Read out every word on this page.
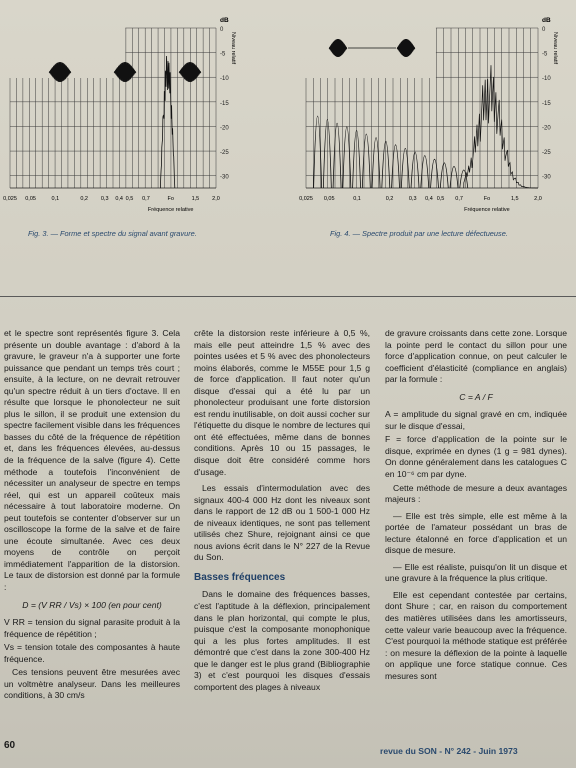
0
-5
-10
-15
-20
-25
-30
dB
Niveau relatif
0,025 0,05	0,1	0,2 0,3 0,4 0,5 0,7	Fo	1,5 2,0
Fréquence relative
Fig. 3. — Forme et spectre du signal avant gravure.
0
-5
-10
-15
-20
-25
-30
dB
Niveau relatif
0,025 0,05	0,1	0,2	0,3 0,4 0,5 0,7	Fo	1,5	2,0
Fréquence relative
Fig. 4. — Spectre produit par une lecture défectueuse.

et le spectre sont représentés figure 3. Cela présente un double avantage : d'abord à la gravure, le graveur n'a à supporter une forte puissance que pendant un temps très court ; ensuite, à la lecture, on ne devrait retrouver qu'un spectre réduit à un tiers d'octave. Il en résulte que lorsque le phonolecteur ne suit plus le sillon, il se produit une extension du spectre facilement visible dans les fréquences basses du côté de la fréquence de répétition et, dans les fréquences élevées, au-dessus de la fréquence de la salve (figure 4). Cette méthode a toutefois l'inconvénient de nécessiter un analyseur de spectre en temps réel, qui est un appareil coûteux mais nécessaire à tout laboratoire moderne. On peut toutefois se contenter d'observer sur un oscilloscope la forme de la salve et de faire une écoute simultanée. Avec ces deux moyens de contrôle on perçoit immédiatement l'apparition de la distorsion. Le taux de distorsion est donné par la formule :

D = (V RR / Vs) × 100 (en pour cent)
V RR = tension du signal parasite produit à la fréquence de répétition ;
Vs = tension totale des composantes à haute fréquence.

Ces tensions peuvent être mesurées avec un voltmètre analyseur. Dans les meilleures conditions, à 30 cm/s

crête la distorsion reste inférieure à 0,5 %, mais elle peut atteindre 1,5 % avec des pointes usées et 5 % avec des phonolecteurs moins élaborés, comme le M55E pour 1,5 g de force d'application. Il faut noter qu'un disque d'essai qui a été lu par un phonolecteur produisant une forte distorsion est rendu inutilisable, on doit aussi cocher sur l'étiquette du disque le nombre de lectures qui ont été effectuées, même dans de bonnes conditions. Après 10 ou 15 passages, le disque doit être considéré comme hors d'usage.

Les essais d'intermodulation avec des signaux 400-4 000 Hz dont les niveaux sont dans le rapport de 12 dB ou 1 500-1 000 Hz de niveaux identiques, ne sont pas tellement utilisés chez Shure, rejoignant ainsi ce que nous avions écrit dans le N° 227 de la Revue du Son.

Basses fréquences

Dans le domaine des fréquences basses, c'est l'aptitude à la déflexion, principalement dans le plan horizontal, qui compte le plus, puisque c'est la composante monophonique qui a les plus fortes amplitudes. Il est démontré que c'est dans la zone 300-400 Hz que le danger est le plus grand (Bibliographie 3) et c'est pourquoi les disques d'essais comportent des plages à niveaux

de gravure croissants dans cette zone. Lorsque la pointe perd le contact du sillon pour une force d'application connue, on peut calculer le coefficient d'élasticité (compliance en anglais) par la formule :

C = A / F
A = amplitude du signal gravé en cm, indiquée sur le disque d'essai,
F = force d'application de la pointe sur le disque, exprimée en dynes (1 g = 981 dynes). On donne généralement dans les catalogues C en 10⁻⁶ cm par dyne.

Cette méthode de mesure a deux avantages majeurs :

— Elle est très simple, elle est même à la portée de l'amateur possédant un bras de lecture étalonné en force d'application et un disque de mesure.

— Elle est réaliste, puisqu'on lit un disque et une gravure à la fréquence la plus critique.

Elle est cependant contestée par certains, dont Shure ; car, en raison du comportement des matières utilisées dans les amortisseurs, cette valeur varie beaucoup avec la fréquence. C'est pourquoi la méthode statique est préférée : on mesure la déflexion de la pointe à laquelle on applique une force statique connue. Ces mesures sont

60	revue du SON - N° 242 - Juin 1973
